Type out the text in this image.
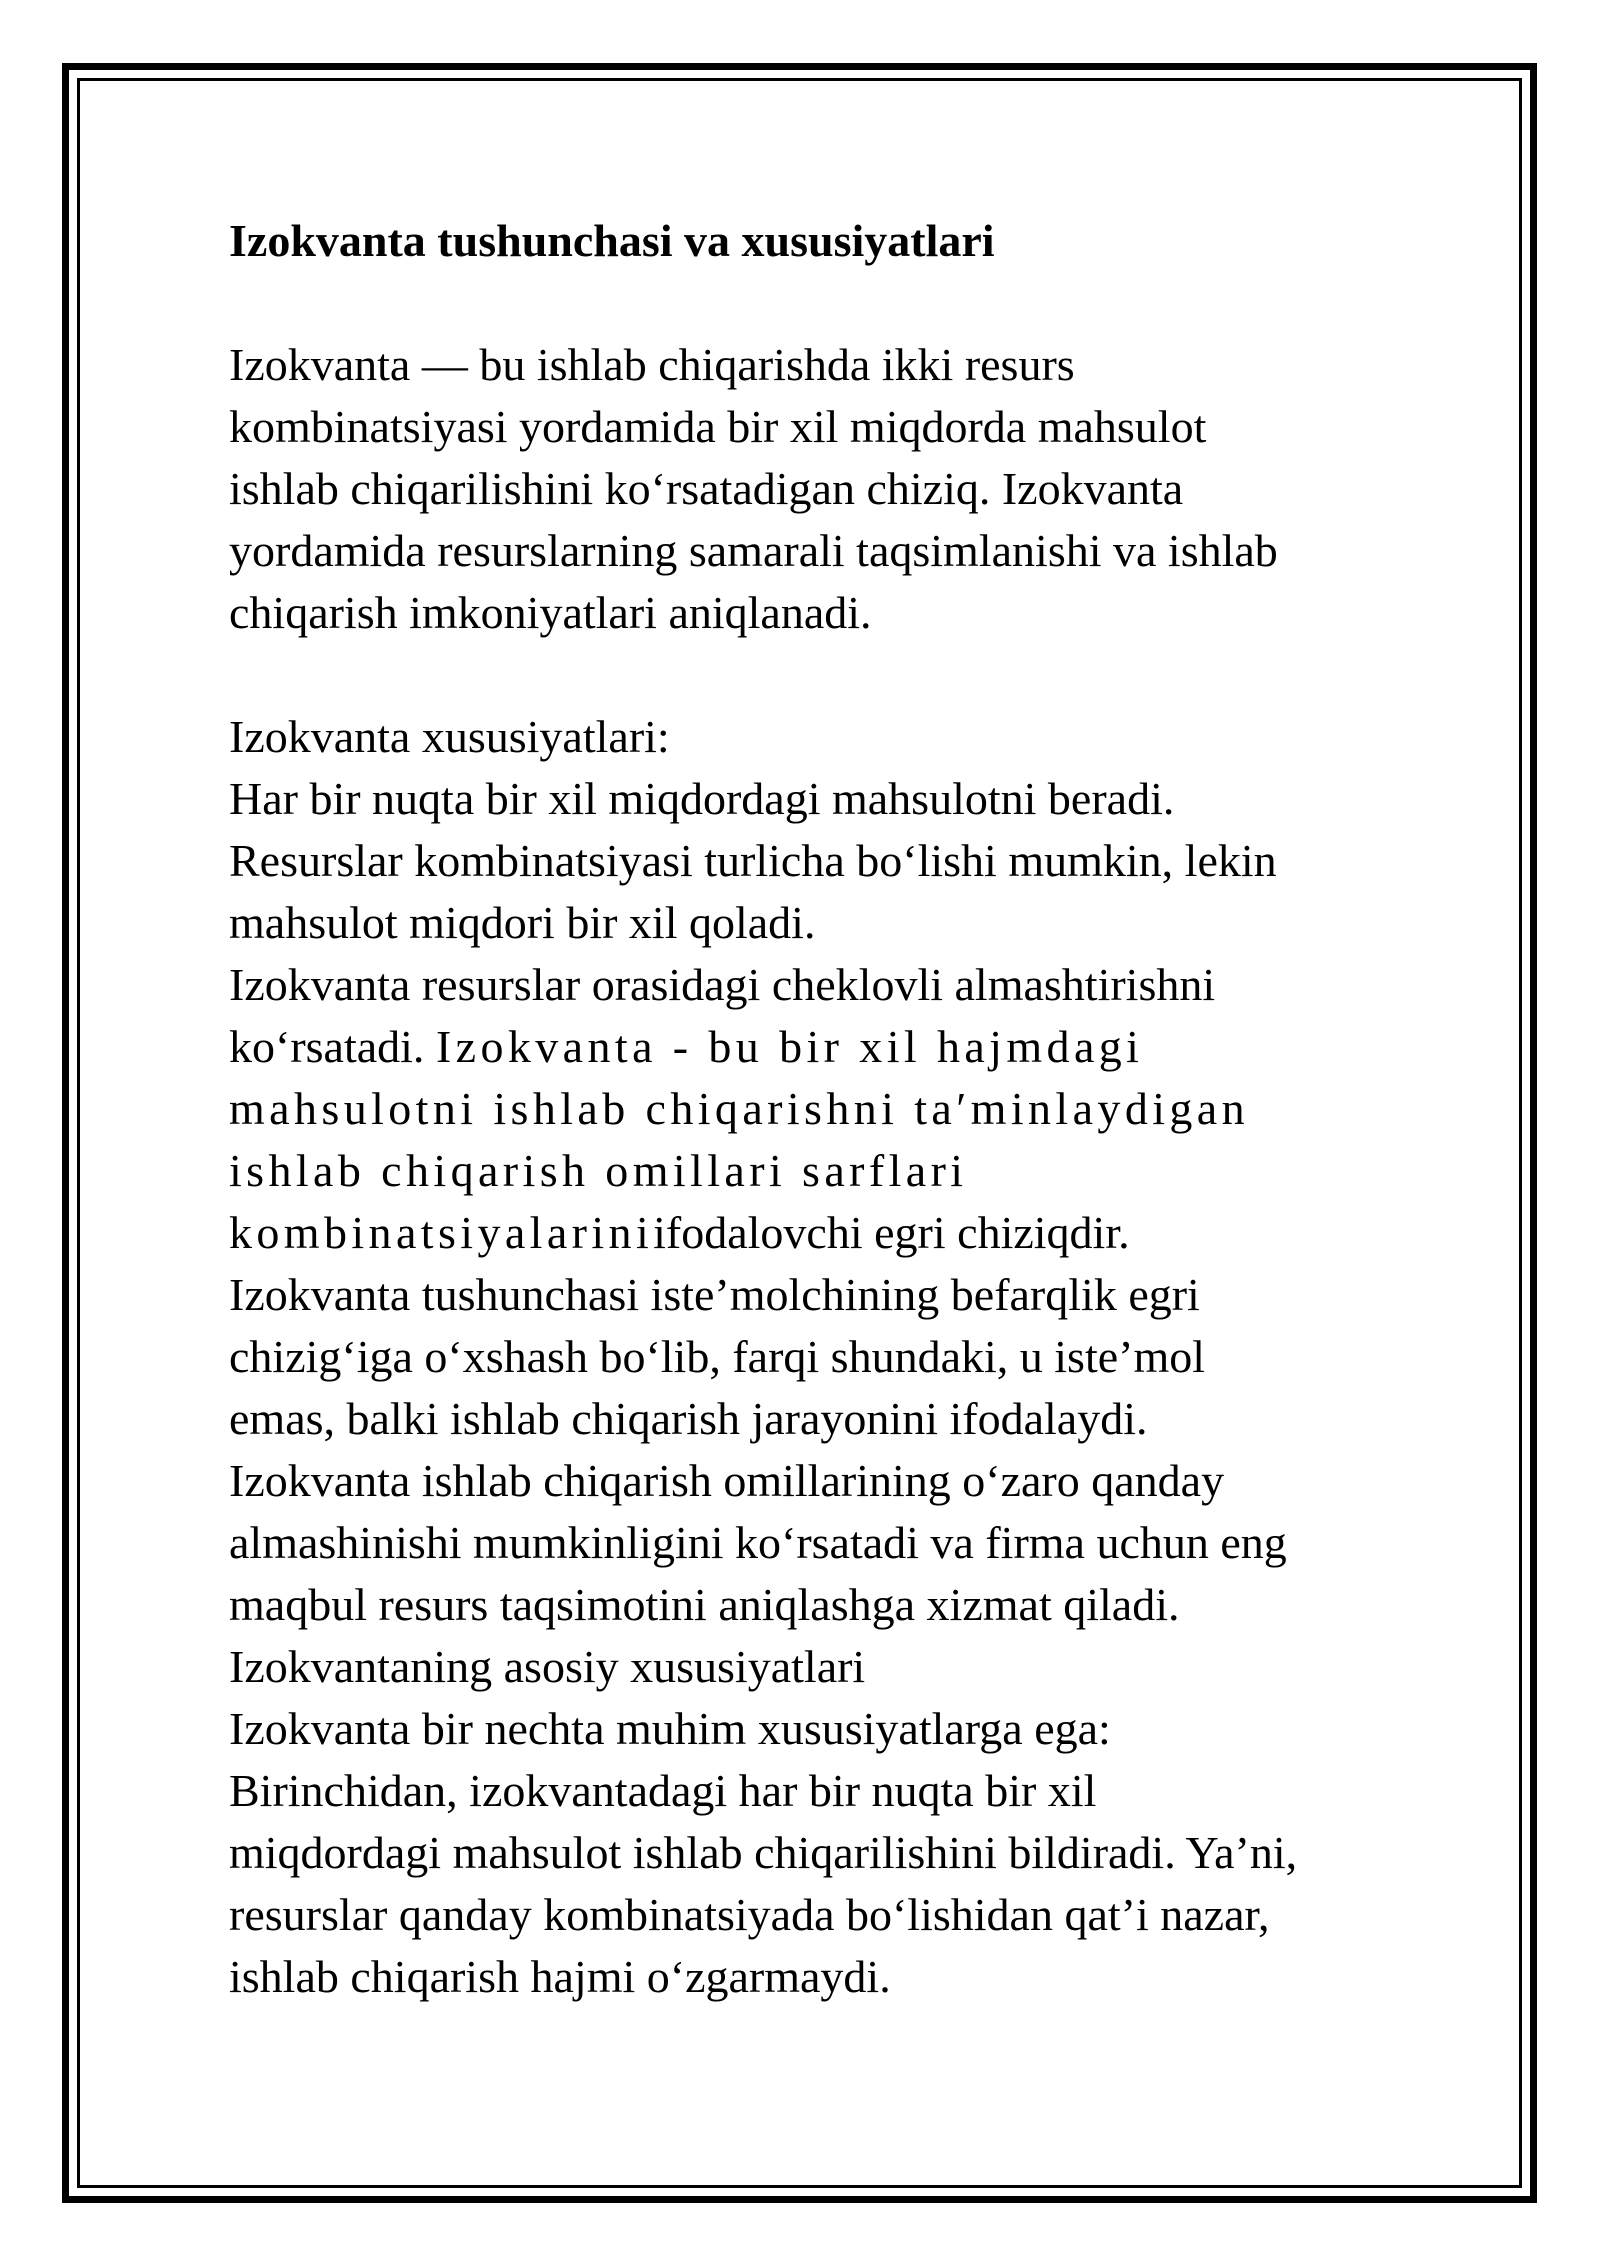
Izokvanta tushunchasi va xususiyatlari

Izokvanta — bu ishlab chiqarishda ikki resurs

kombinatsiyasi yordamida bir xil miqdorda mahsulot

ishlab chiqarilishini ko‘rsatadigan chiziq. Izokvanta

yordamida resurslarning samarali taqsimlanishi va ishlab

chiqarish imkoniyatlari aniqlanadi.

Izokvanta xususiyatlari:

Har bir nuqta bir xil miqdordagi mahsulotni beradi.

Resurslar kombinatsiyasi turlicha bo‘lishi mumkin, lekin

mahsulot miqdori bir xil qoladi.

Izokvanta resurslar orasidagi cheklovli almashtirishni

ko‘rsatadi. Izokvanta - bu bir xil hajmdagi

mahsulotni ishlab chiqarishni ta′minlaydigan

ishlab chiqarish omillari sarflari

kombinatsiyalariniifodalovchi egri chiziqdir.

Izokvanta tushunchasi iste’molchining befarqlik egri

chizig‘iga o‘xshash bo‘lib, farqi shundaki, u iste’mol

emas, balki ishlab chiqarish jarayonini ifodalaydi.

Izokvanta ishlab chiqarish omillarining o‘zaro qanday

almashinishi mumkinligini ko‘rsatadi va firma uchun eng

maqbul resurs taqsimotini aniqlashga xizmat qiladi.

Izokvantaning asosiy xususiyatlari

Izokvanta bir nechta muhim xususiyatlarga ega:

Birinchidan, izokvantadagi har bir nuqta bir xil

miqdordagi mahsulot ishlab chiqarilishini bildiradi. Ya’ni,

resurslar qanday kombinatsiyada bo‘lishidan qat’i nazar,

ishlab chiqarish hajmi o‘zgarmaydi.
